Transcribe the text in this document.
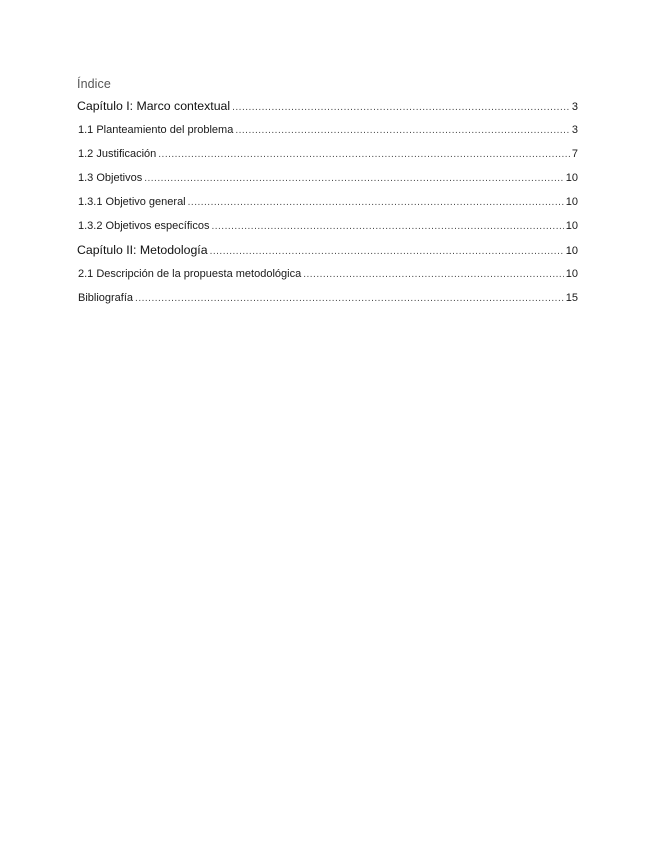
Índice
Capítulo I: Marco contextual .....	3
1.1 Planteamiento del problema .....	3
1.2 Justificación .....	7
1.3 Objetivos .....	10
1.3.1 Objetivo general .....	10
1.3.2 Objetivos específicos .....	10
Capítulo II: Metodología .....	10
2.1 Descripción de la propuesta metodológica .....	10
Bibliografía .....	15
